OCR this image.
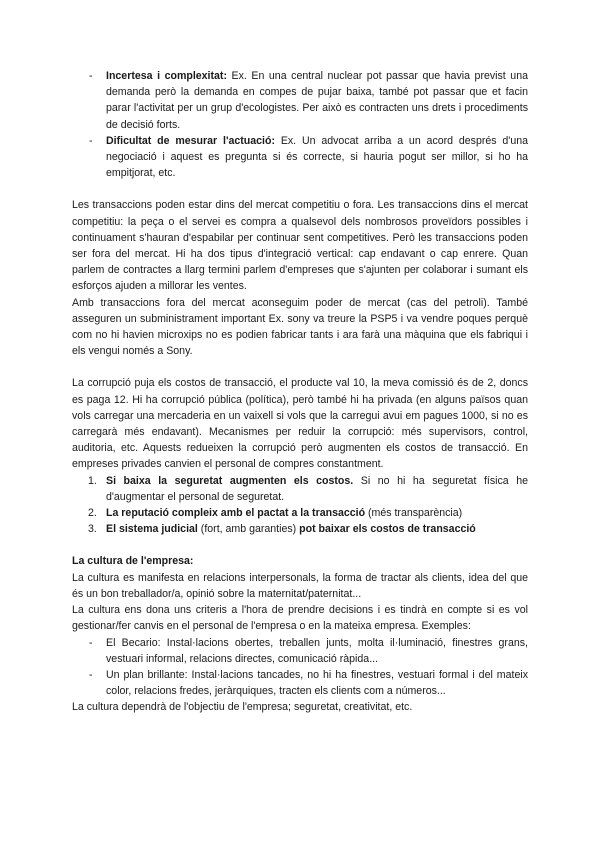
- Incertesa i complexitat: Ex. En una central nuclear pot passar que havia previst una demanda però la demanda en compes de pujar baixa, també pot passar que et facin parar l'activitat per un grup d'ecologistes. Per això es contracten uns drets i procediments de decisió forts.
- Dificultat de mesurar l'actuació: Ex. Un advocat arriba a un acord després d'una negociació i aquest es pregunta si és correcte, si hauria pogut ser millor, si ho ha empitjorat, etc.

Les transaccions poden estar dins del mercat competitiu o fora. Les transaccions dins el mercat competitiu: la peça o el servei es compra a qualsevol dels nombrosos proveïdors possibles i continuament s'hauran d'espabilar per continuar sent competitives. Però les transaccions poden ser fora del mercat. Hi ha dos tipus d'integració vertical: cap endavant o cap enrere. Quan parlem de contractes a llarg termini parlem d'empreses que s'ajunten per colaborar i sumant els esforços ajuden a millorar les ventes.

Amb transaccions fora del mercat aconseguim poder de mercat (cas del petroli). També asseguren un subministrament important Ex. sony va treure la PSP5 i va vendre poques perquè com no hi havien microxips no es podien fabricar tants i ara farà una màquina que els fabriqui i els vengui només a Sony.

La corrupció puja els costos de transacció, el producte val 10, la meva comissió és de 2, doncs es paga 12. Hi ha corrupció pública (política), però també hi ha privada (en alguns països quan vols carregar una mercaderia en un vaixell si vols que la carregui avui em pagues 1000, si no es carregarà més endavant). Mecanismes per reduir la corrupció: més supervisors, control, auditoria, etc. Aquests redueixen la corrupció però augmenten els costos de transacció. En empreses privades canvien el personal de compres constantment.

1. Si baixa la seguretat augmenten els costos. Si no hi ha seguretat física he d'augmentar el personal de seguretat.
2. La reputació compleix amb el pactat a la transacció (més transparència)
3. El sistema judicial (fort, amb garanties) pot baixar els costos de transacció

La cultura de l'empresa:

La cultura es manifesta en relacions interpersonals, la forma de tractar als clients, idea del que és un bon treballador/a, opinió sobre la maternitat/paternitat...

La cultura ens dona uns criteris a l'hora de prendre decisions i es tindrà en compte si es vol gestionar/fer canvis en el personal de l'empresa o en la mateixa empresa. Exemples:

- El Becario: Instal·lacions obertes, treballen junts, molta il·luminació, finestres grans, vestuari informal, relacions directes, comunicació ràpida...
- Un plan brillante: Instal·lacions tancades, no hi ha finestres, vestuari formal i del mateix color, relacions fredes, jeràrquiques, tracten els clients com a números...

La cultura dependrà de l'objectiu de l'empresa; seguretat, creativitat, etc.
